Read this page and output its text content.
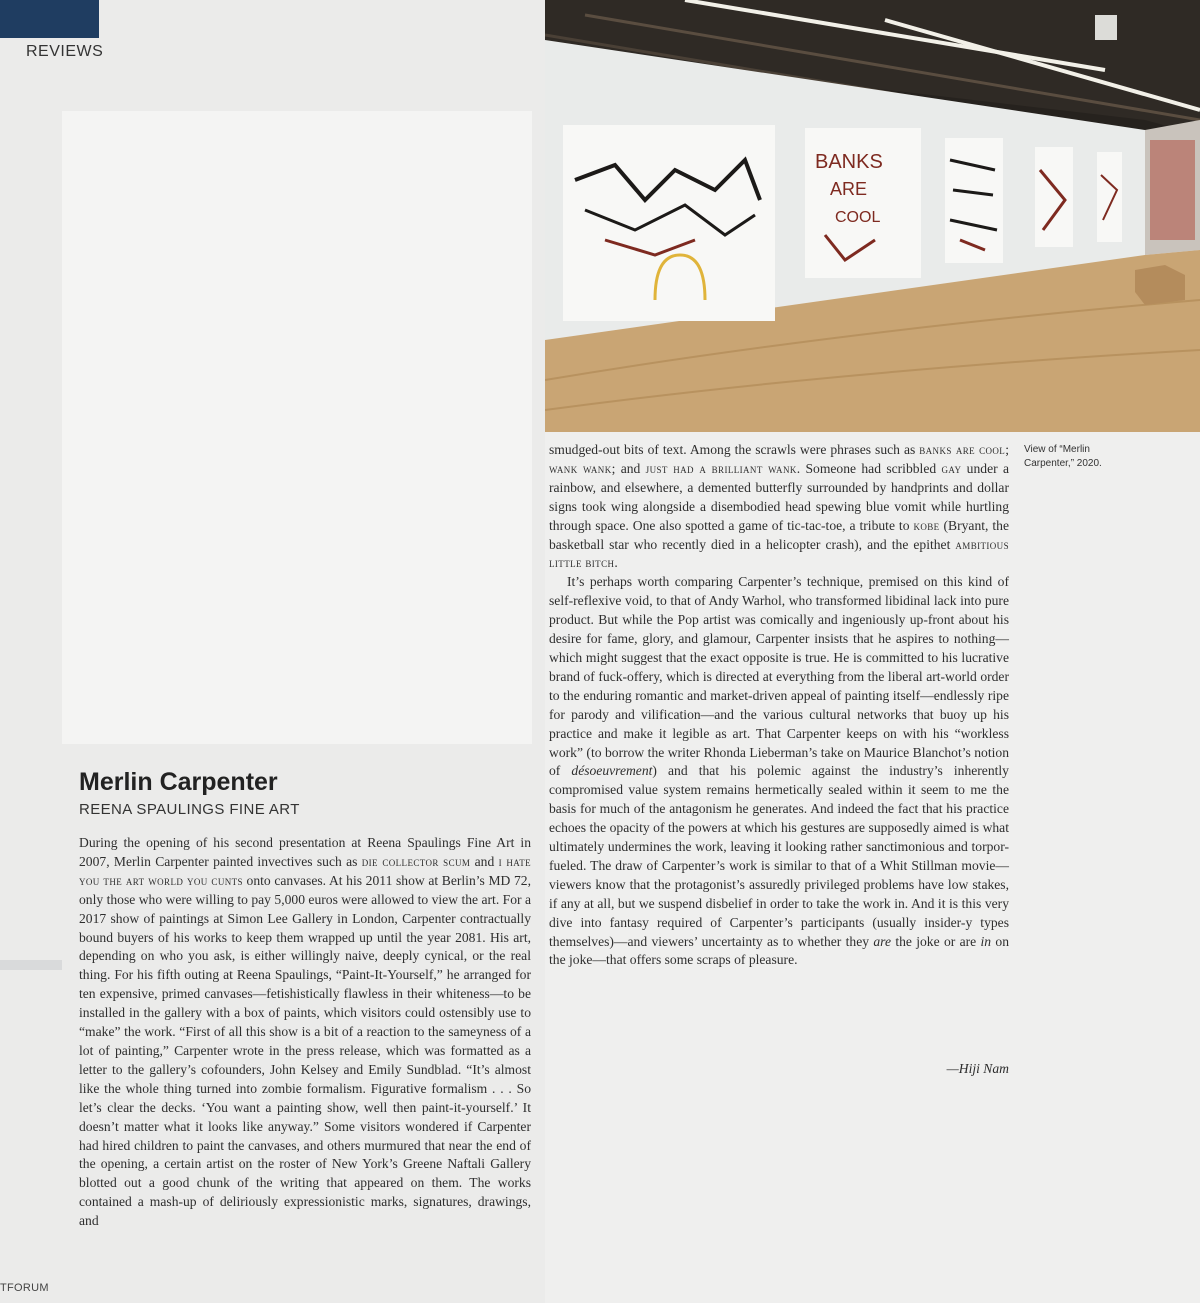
REVIEWS
TFORUM
Merlin Carpenter
REENA SPAULINGS FINE ART

During the opening of his second presentation at Reena Spaulings Fine Art in 2007, Merlin Carpenter painted invectives such as die collector scum and i hate you the art world you cunts onto canvases. At his 2011 show at Berlin’s MD 72, only those who were willing to pay 5,000 euros were allowed to view the art. For a 2017 show of paintings at Simon Lee Gallery in London, Carpenter contractually bound buyers of his works to keep them wrapped up until the year 2081. His art, depending on who you ask, is either willingly naive, deeply cynical, or the real thing. For his fifth outing at Reena Spaulings, “Paint-It-Yourself,” he arranged for ten expensive, primed canvases—fetishistically flawless in their whiteness—to be installed in the gallery with a box of paints, which visitors could ostensibly use to “make” the work. “First of all this show is a bit of a reaction to the sameyness of a lot of painting,” Carpenter wrote in the press release, which was formatted as a letter to the gallery’s cofounders, John Kelsey and Emily Sundblad. “It’s almost like the whole thing turned into zombie formalism. Figurative formalism . . . So let’s clear the decks. ‘You want a painting show, well then paint-it-yourself.’ It doesn’t matter what it looks like anyway.” Some visitors wondered if Carpenter had hired children to paint the canvases, and others murmured that near the end of the opening, a certain artist on the roster of New York’s Greene Naftali Gallery blotted out a good chunk of the writing that appeared on them. The works contained a mash-up of deliriously expressionistic marks, signatures, drawings, and

BANKS
ARE
COOL
View of “Merlin Carpenter,” 2020.

smudged-out bits of text. Among the scrawls were phrases such as banks are cool; wank wank; and just had a brilliant wank. Someone had scribbled gay under a rainbow, and elsewhere, a demented butterfly surrounded by handprints and dollar signs took wing alongside a disembodied head spewing blue vomit while hurtling through space. One also spotted a game of tic-tac-toe, a tribute to kobe (Bryant, the basketball star who recently died in a helicopter crash), and the epithet ambitious little bitch.

It’s perhaps worth comparing Carpenter’s technique, premised on this kind of self-reflexive void, to that of Andy Warhol, who transformed libidinal lack into pure product. But while the Pop artist was comically and ingeniously up-front about his desire for fame, glory, and glamour, Carpenter insists that he aspires to nothing—which might suggest that the exact opposite is true. He is committed to his lucrative brand of fuck-offery, which is directed at everything from the liberal art-world order to the enduring romantic and market-driven appeal of painting itself—endlessly ripe for parody and vilification—and the various cultural networks that buoy up his practice and make it legible as art. That Carpenter keeps on with his “workless work” (to borrow the writer Rhonda Lieberman’s take on Maurice Blanchot’s notion of désoeuvrement) and that his polemic against the industry’s inherently compromised value system remains hermetically sealed within it seem to me the basis for much of the antagonism he generates. And indeed the fact that his practice echoes the opacity of the powers at which his gestures are supposedly aimed is what ultimately undermines the work, leaving it looking rather sanctimonious and torpor-fueled. The draw of Carpenter’s work is similar to that of a Whit Stillman movie—viewers know that the protagonist’s assuredly privileged problems have low stakes, if any at all, but we suspend disbelief in order to take the work in. And it is this very dive into fantasy required of Carpenter’s participants (usually insider-y types themselves)—and viewers’ uncertainty as to whether they are the joke or are in on the joke—that offers some scraps of pleasure.

—Hiji Nam
